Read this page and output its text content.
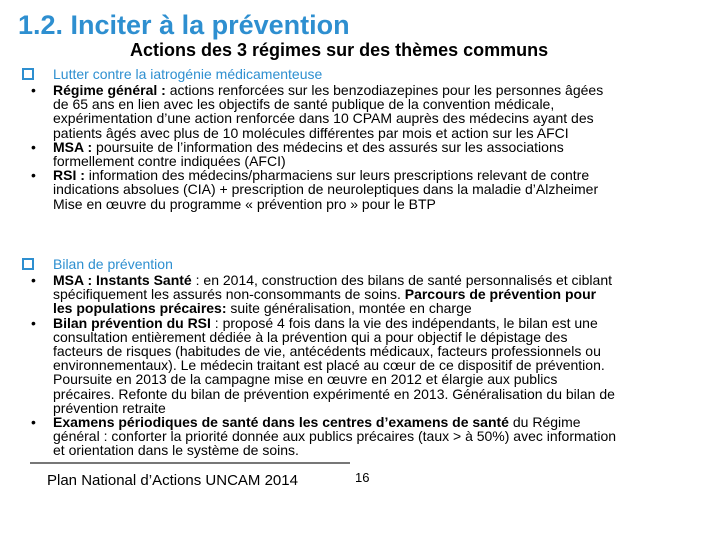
1.2. Inciter à la prévention
Actions des 3 régimes sur des thèmes communs
Lutter contre la iatrogénie médicamenteuse
• Régime général : actions renforcées sur les benzodiazepines pour les personnes âgées
de 65 ans en lien avec les objectifs de santé publique de la convention médicale,
expérimentation d’une action renforcée dans 10 CPAM auprès des médecins ayant des
patients âgés avec plus de 10 molécules différentes par mois et action sur les AFCI
• MSA : poursuite de l’information des médecins et des assurés sur les associations
formellement contre indiquées (AFCI)
• RSI : information des médecins/pharmaciens sur leurs prescriptions relevant de contre
indications absolues (CIA) + prescription de neuroleptiques dans la maladie d’Alzheimer
Mise en œuvre du programme « prévention pro » pour le BTP
Bilan de prévention
• MSA : Instants Santé : en 2014, construction des bilans de santé personnalisés et ciblant
spécifiquement les assurés non-consommants de soins. Parcours de prévention pour
les populations précaires: suite généralisation, montée en charge
• Bilan prévention du RSI : proposé 4 fois dans la vie des indépendants, le bilan est une
consultation entièrement dédiée à la prévention qui a pour objectif le dépistage des
facteurs de risques (habitudes de vie, antécédents médicaux, facteurs professionnels ou
environnementaux). Le médecin traitant est placé au cœur de ce dispositif de prévention.
Poursuite en 2013 de la campagne mise en œuvre en 2012 et élargie aux publics
précaires. Refonte du bilan de prévention expérimenté en 2013. Généralisation du bilan de
prévention retraite
• Examens périodiques de santé dans les centres d’examens de santé du Régime
général : conforter la priorité donnée aux publics précaires (taux > à 50%) avec information
et orientation dans le système de soins.
Plan National d’Actions UNCAM 2014	16
